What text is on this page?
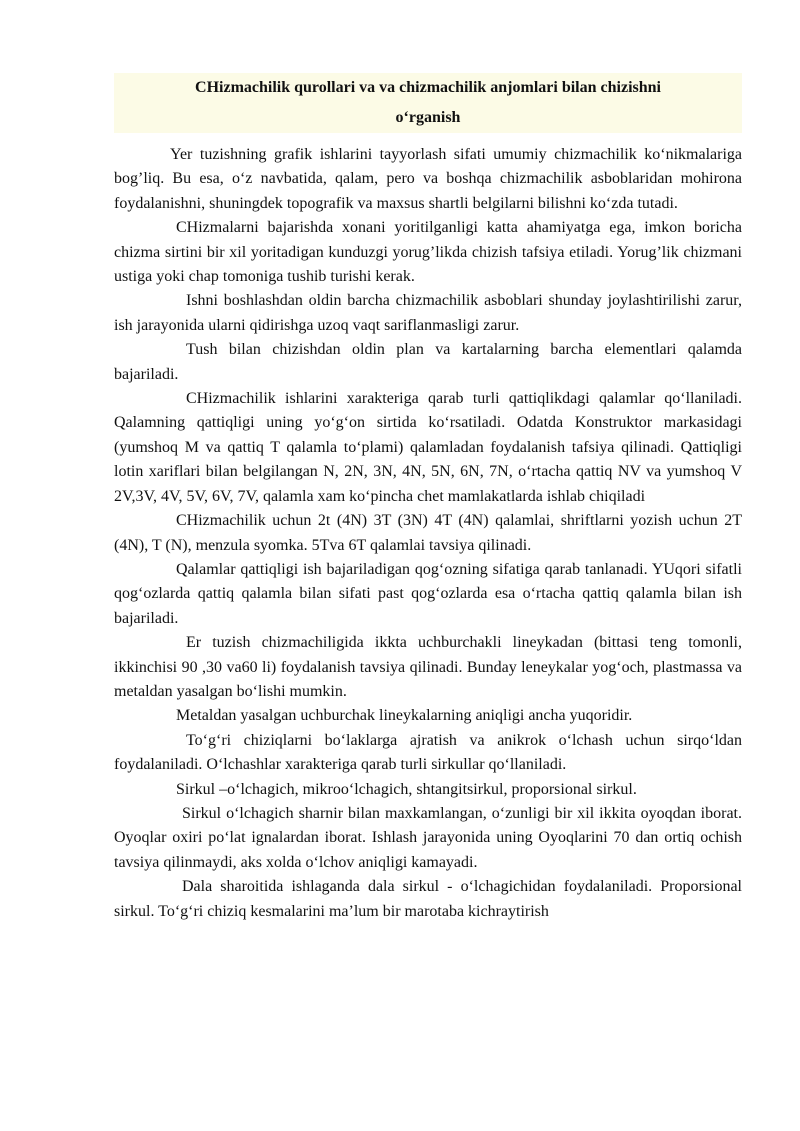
CHizmachilik qurollari va va chizmachilik anjomlari bilan chizishni
o‘rganish

Yer tuzishning grafik ishlarini tayyorlash sifati umumiy chizmachilik ko‘nikmalariga bog’liq. Bu esa, o‘z navbatida, qalam, pero va boshqa chizmachilik asboblaridan mohirona foydalanishni, shuningdek topografik va maxsus shartli belgilarni bilishni ko‘zda tutadi.

CHizmalarni bajarishda xonani yoritilganligi katta ahamiyatga ega, imkon boricha chizma sirtini bir xil yoritadigan kunduzgi yorug’likda chizish tafsiya etiladi. Yorug’lik chizmani ustiga yoki chap tomoniga tushib turishi kerak.

Ishni boshlashdan oldin barcha chizmachilik asboblari shunday joylashtirilishi zarur, ish jarayonida ularni qidirishga uzoq vaqt sariflanmasligi zarur.

Tush bilan chizishdan oldin plan va kartalarning barcha elementlari qalamda bajariladi.

CHizmachilik ishlarini xarakteriga qarab turli qattiqlikdagi qalamlar qo‘llaniladi. Qalamning qattiqligi uning yo‘g‘on sirtida ko‘rsatiladi. Odatda Konstruktor markasidagi (yumshoq M va qattiq T qalamla to‘plami) qalamladan foydalanish tafsiya qilinadi. Qattiqligi lotin xariflari bilan belgilangan N, 2N, 3N, 4N, 5N, 6N, 7N, o‘rtacha qattiq NV va yumshoq V 2V,3V, 4V, 5V, 6V, 7V, qalamla xam ko‘pincha chet mamlakatlarda ishlab chiqiladi

CHizmachilik uchun 2t (4N) 3T (3N) 4T (4N) qalamlai, shriftlarni yozish uchun 2T (4N), T (N), menzula syomka. 5Tva 6T qalamlai tavsiya qilinadi.

Qalamlar qattiqligi ish bajariladigan qog‘ozning sifatiga qarab tanlanadi. YUqori sifatli qog‘ozlarda qattiq qalamla bilan sifati past qog‘ozlarda esa o‘rtacha qattiq qalamla bilan ish bajariladi.

Er tuzish chizmachiligida ikkta uchburchakli lineykadan (bittasi teng tomonli, ikkinchisi 90 ,30 va60 li) foydalanish tavsiya qilinadi. Bunday leneykalar yog‘och, plastmassa va metaldan yasalgan bo‘lishi mumkin.

Metaldan yasalgan uchburchak lineykalarning aniqligi ancha yuqoridir.

To‘g‘ri chiziqlarni bo‘laklarga ajratish va anikrok o‘lchash uchun sirqo‘ldan foydalaniladi. O‘lchashlar xarakteriga qarab turli sirkullar qo‘llaniladi.

Sirkul –o‘lchagich, mikroo‘lchagich, shtangitsirkul, proporsional sirkul.

Sirkul o‘lchagich sharnir bilan maxkamlangan, o‘zunligi bir xil ikkita oyoqdan iborat. Oyoqlar oxiri po‘lat ignalardan iborat. Ishlash jarayonida uning Oyoqlarini 70 dan ortiq ochish tavsiya qilinmaydi, aks xolda o‘lchov aniqligi kamayadi.

Dala sharoitida ishlaganda dala sirkul - o‘lchagichidan foydalaniladi. Proporsional sirkul. To‘g‘ri chiziq kesmalarini ma’lum bir marotaba kichraytirish
